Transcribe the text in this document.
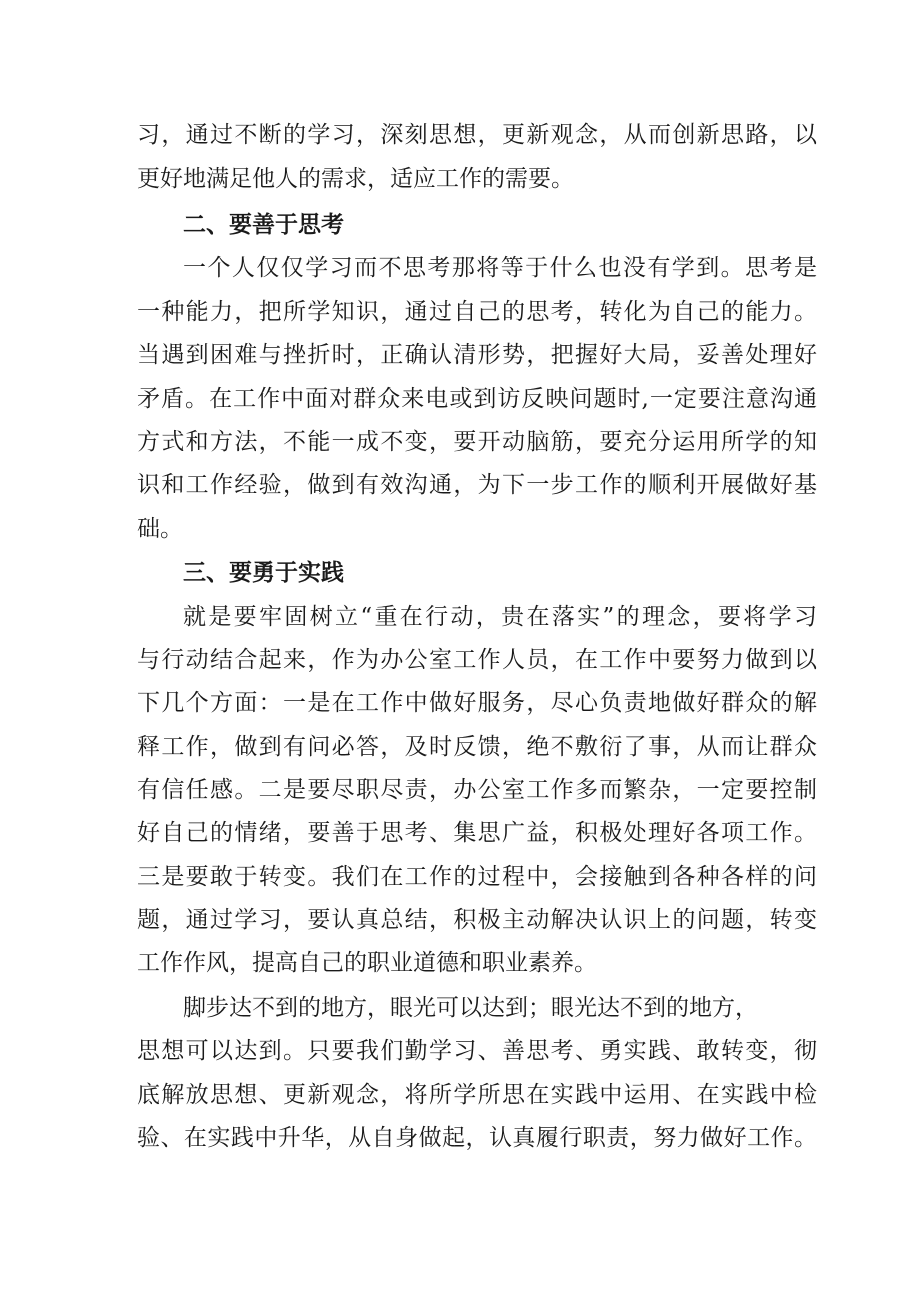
习，通过不断的学习，深刻思想，更新观念，从而创新思路，以
更好地满足他人的需求，适应工作的需要。
二、要善于思考
一个人仅仅学习而不思考那将等于什么也没有学到。思考是
一种能力，把所学知识，通过自己的思考，转化为自己的能力。
当遇到困难与挫折时，正确认清形势，把握好大局，妥善处理好
矛盾。在工作中面对群众来电或到访反映问题时,一定要注意沟通
方式和方法，不能一成不变，要开动脑筋，要充分运用所学的知
识和工作经验，做到有效沟通，为下一步工作的顺利开展做好基
础。
三、要勇于实践
就是要牢固树立“重在行动，贵在落实”的理念，要将学习
与行动结合起来，作为办公室工作人员，在工作中要努力做到以
下几个方面：一是在工作中做好服务，尽心负责地做好群众的解
释工作，做到有问必答，及时反馈，绝不敷衍了事，从而让群众
有信任感。二是要尽职尽责，办公室工作多而繁杂，一定要控制
好自己的情绪，要善于思考、集思广益，积极处理好各项工作。
三是要敢于转变。我们在工作的过程中，会接触到各种各样的问
题，通过学习，要认真总结，积极主动解决认识上的问题，转变
工作作风，提高自己的职业道德和职业素养。
脚步达不到的地方，眼光可以达到；眼光达不到的地方，
思想可以达到。只要我们勤学习、善思考、勇实践、敢转变，彻
底解放思想、更新观念，将所学所思在实践中运用、在实践中检
验、在实践中升华，从自身做起，认真履行职责，努力做好工作。
